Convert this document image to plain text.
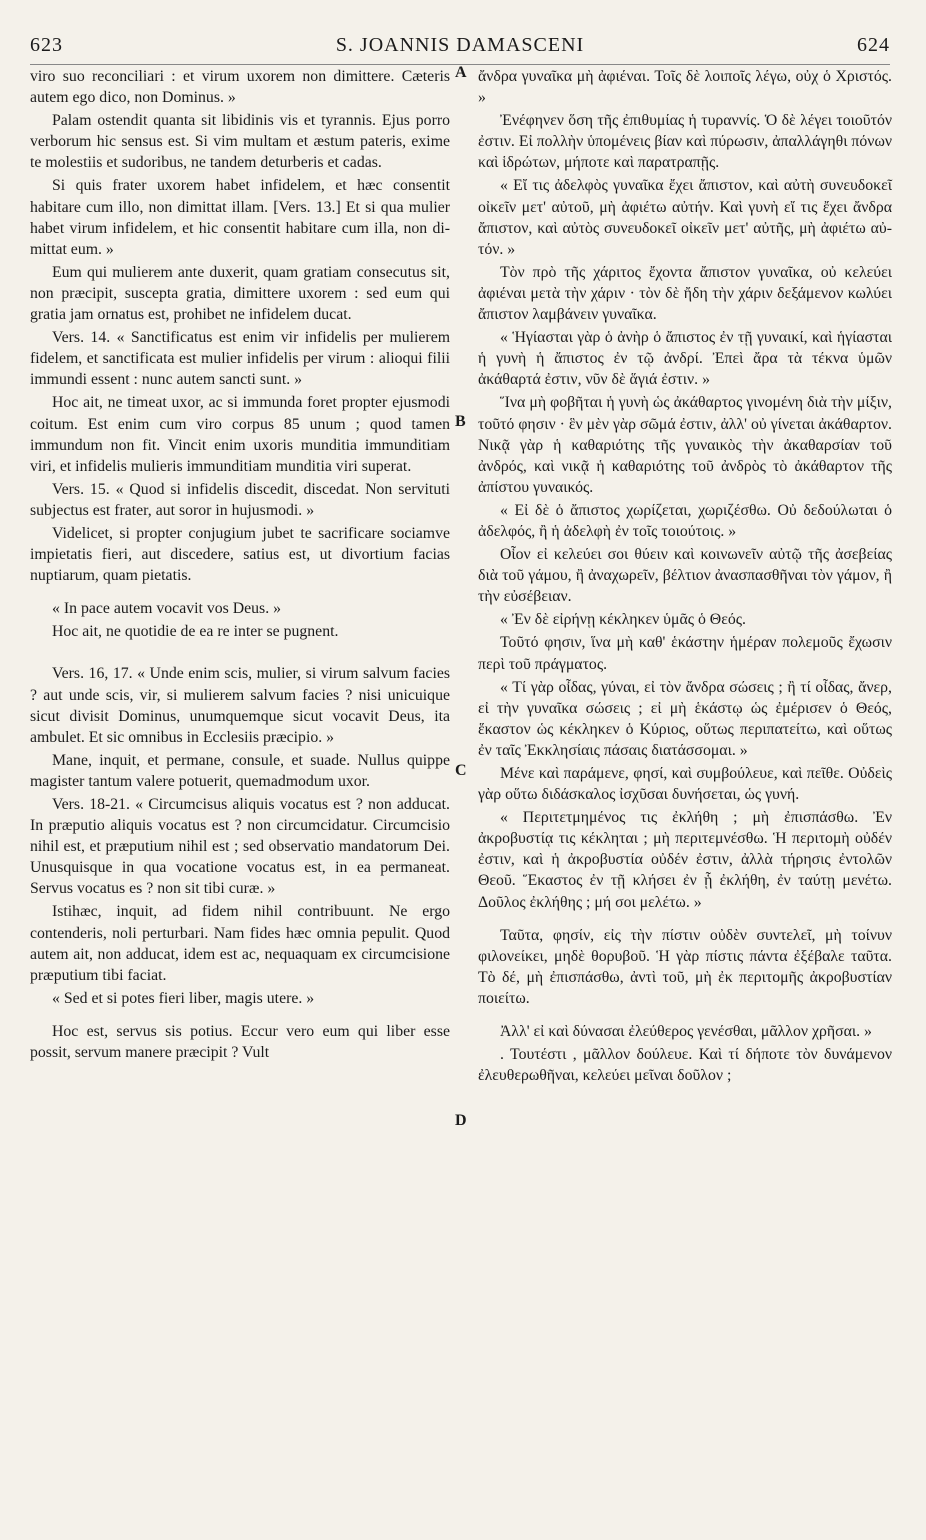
623	S. JOANNIS DAMASCENI	624
A
B
C
D

viro suo reconciliari : et virum uxorem non dimittere. Cæteris autem ego dico, non Dominus. »

Palam ostendit quanta sit libidinis vis et tyrannis. Ejus porro verborum hic sensus est. Si vim multam et æstum pateris, exime te molestiis et sudoribus, ne tandem deturberis et cadas.

Si quis frater uxorem habet infidelem, et hæc consentit habitare cum illo, non dimittat illam. [Vers. 13.] Et si qua mulier habet virum infidelem, et hic consentit habitare cum illa, non dimittat eum. »

Eum qui mulierem ante duxerit, quam gratiam consecutus sit, non præcipit, suscepta gratia, dimittere uxorem : sed eum qui gratia jam ornatus est, prohibet ne infidelem ducat.

Vers. 14. « Sanctificatus est enim vir infidelis per mulierem fidelem, et sanctificata est mulier infidelis per virum : alioqui filii immundi essent : nunc autem sancti sunt. »

Hoc ait, ne timeat uxor, ac si immunda foret propter ejusmodi coitum. Est enim cum viro corpus 85 unum ; quod tamen immundum non fit. Vincit enim uxoris munditia immunditiam viri, et infidelis mulieris immunditiam munditia viri superat.

Vers. 15. « Quod si infidelis discedit, discedat. Non servituti subjectus est frater, aut soror in hujusmodi. »

Videlicet, si propter conjugium jubet te sacrificare sociamve impietatis fieri, aut discedere, satius est, ut divortium facias nuptiarum, quam pietatis.

« In pace autem vocavit vos Deus. »

Hoc ait, ne quotidie de ea re inter se pugnent.

Vers. 16, 17. « Unde enim scis, mulier, si virum salvum facies ? aut unde scis, vir, si mulierem salvum facies ? nisi unicuique sicut divisit Dominus, unumquemque sicut vocavit Deus, ita ambulet. Et sic omnibus in Ecclesiis præcipio. »

Mane, inquit, et permane, consule, et suade. Nullus quippe magister tantum valere potuerit, quemadmodum uxor.

Vers. 18-21. « Circumcisus aliquis vocatus est ? non adducat. In præputio aliquis vocatus est ? non circumcidatur. Circumcisio nihil est, et præputium nihil est ; sed observatio mandatorum Dei. Unusquisque in qua vocatione vocatus est, in ea permaneat. Servus vocatus es ? non sit tibi curæ. »

Istihæc, inquit, ad fidem nihil contribuunt. Ne ergo contenderis, noli perturbari. Nam fides hæc omnia pepulit. Quod autem ait, non adducat, idem est ac, nequaquam ex circumcisione præputium tibi faciat.

« Sed et si potes fieri liber, magis utere. »

Hoc est, servus sis potius. Eccur vero eum qui liber esse possit, servum manere præcipit ? Vult

ἄνδρα γυναῖκα μὴ ἀφιέναι. Τοῖς δὲ λοιποῖς λέγω, οὐχ ὁ Χριστός. »

Ἐνέφηνεν ὅση τῆς ἐπιθυμίας ἡ τυραννίς. Ὁ δὲ λέγει τοιοῦτόν ἐστιν. Εἰ πολλὴν ὑπομένεις βίαν καὶ πύρωσιν, ἀπαλλάγηθι πόνων καὶ ἱδρώτων, μήποτε καὶ παρατραπῇς.

« Εἴ τις ἀδελφὸς γυναῖκα ἔχει ἄπιστον, καὶ αὐτὴ συνευδοκεῖ οἰκεῖν μετ' αὐτοῦ, μὴ ἀφιέτω αὐτήν. Καὶ γυνὴ εἴ τις ἔχει ἄνδρα ἄπιστον, καὶ αὐτὸς συνευδοκεῖ οἰκεῖν μετ' αὐτῆς, μὴ ἀφιέτω αὐτόν. »

Τὸν πρὸ τῆς χάριτος ἔχοντα ἄπιστον γυναῖκα, οὐ κελεύει ἀφιέναι μετὰ τὴν χάριν · τὸν δὲ ἤδη τὴν χάριν δεξάμενον κωλύει ἄπιστον λαμβάνειν γυναῖκα.

« Ἡγίασται γὰρ ὁ ἀνὴρ ὁ ἄπιστος ἐν τῇ γυναικί, καὶ ἡγίασται ἡ γυνὴ ἡ ἄπιστος ἐν τῷ ἀνδρί. Ἐπεὶ ἄρα τὰ τέκνα ὑμῶν ἀκάθαρτά ἐστιν, νῦν δὲ ἅγιά ἐστιν. »

Ἵνα μὴ φοβῆται ἡ γυνὴ ὡς ἀκάθαρτος γινομένη διὰ τὴν μίξιν, τοῦτό φησιν · ἓν μὲν γὰρ σῶμά ἐστιν, ἀλλ' οὐ γίνεται ἀκάθαρτον. Νικᾷ γὰρ ἡ καθαριότης τῆς γυναικὸς τὴν ἀκαθαρσίαν τοῦ ἀνδρός, καὶ νικᾷ ἡ καθαριότης τοῦ ἀνδρὸς τὸ ἀκάθαρτον τῆς ἀπίστου γυναικός.

« Εἰ δὲ ὁ ἄπιστος χωρίζεται, χωριζέσθω. Οὐ δεδούλωται ὁ ἀδελφός, ἢ ἡ ἀδελφὴ ἐν τοῖς τοιούτοις. »

Οἷον εἰ κελεύει σοι θύειν καὶ κοινωνεῖν αὐτῷ τῆς ἀσεβείας διὰ τοῦ γάμου, ἢ ἀναχωρεῖν, βέλτιον ἀνασπασθῆναι τὸν γάμον, ἢ τὴν εὐσέβειαν.

« Ἐν δὲ εἰρήνῃ κέκληκεν ὑμᾶς ὁ Θεός.

Τοῦτό φησιν, ἵνα μὴ καθ' ἑκάστην ἡμέραν πολεμοῦς ἔχωσιν περὶ τοῦ πράγματος.

« Τί γὰρ οἶδας, γύναι, εἰ τὸν ἄνδρα σώσεις ; ἢ τί οἶδας, ἄνερ, εἰ τὴν γυναῖκα σώσεις ; εἰ μὴ ἑκάστῳ ὡς ἐμέρισεν ὁ Θεός, ἕκαστον ὡς κέκληκεν ὁ Κύριος, οὕτως περιπατείτω, καὶ οὕτως ἐν ταῖς Ἐκκλησίαις πάσαις διατάσσομαι. »

Μένε καὶ παράμενε, φησί, καὶ συμβούλευε, καὶ πεῖθε. Οὐδεὶς γὰρ οὕτω διδάσκαλος ἰσχῦσαι δυνήσεται, ὡς γυνή.

« Περιτετμημένος τις ἐκλήθη ; μὴ ἐπισπάσθω. Ἐν ἀκροβυστίᾳ τις κέκληται ; μὴ περιτεμνέσθω. Ἡ περιτομὴ οὐδέν ἐστιν, καὶ ἡ ἀκροβυστία οὐδέν ἐστιν, ἀλλὰ τήρησις ἐντολῶν Θεοῦ. Ἕκαστος ἐν τῇ κλήσει ἐν ᾗ ἐκλήθη, ἐν ταύτῃ μενέτω. Δοῦλος ἐκλήθης ; μή σοι μελέτω. »

Ταῦτα, φησίν, εἰς τὴν πίστιν οὐδὲν συντελεῖ, μὴ τοίνυν φιλονείκει, μηδὲ θορυβοῦ. Ἡ γὰρ πίστις πάντα ἐξέβαλε ταῦτα. Τὸ δέ, μὴ ἐπισπάσθω, ἀντὶ τοῦ, μὴ ἐκ περιτομῆς ἀκροβυστίαν ποιείτω.

Ἀλλ' εἰ καὶ δύνασαι ἐλεύθερος γενέσθαι, μᾶλλον χρῆσαι. »

. Τουτέστι , μᾶλλον δούλευε. Καὶ τί δήποτε τὸν δυνάμενον ἐλευθερωθῆναι, κελεύει μεῖναι δοῦλον ;
